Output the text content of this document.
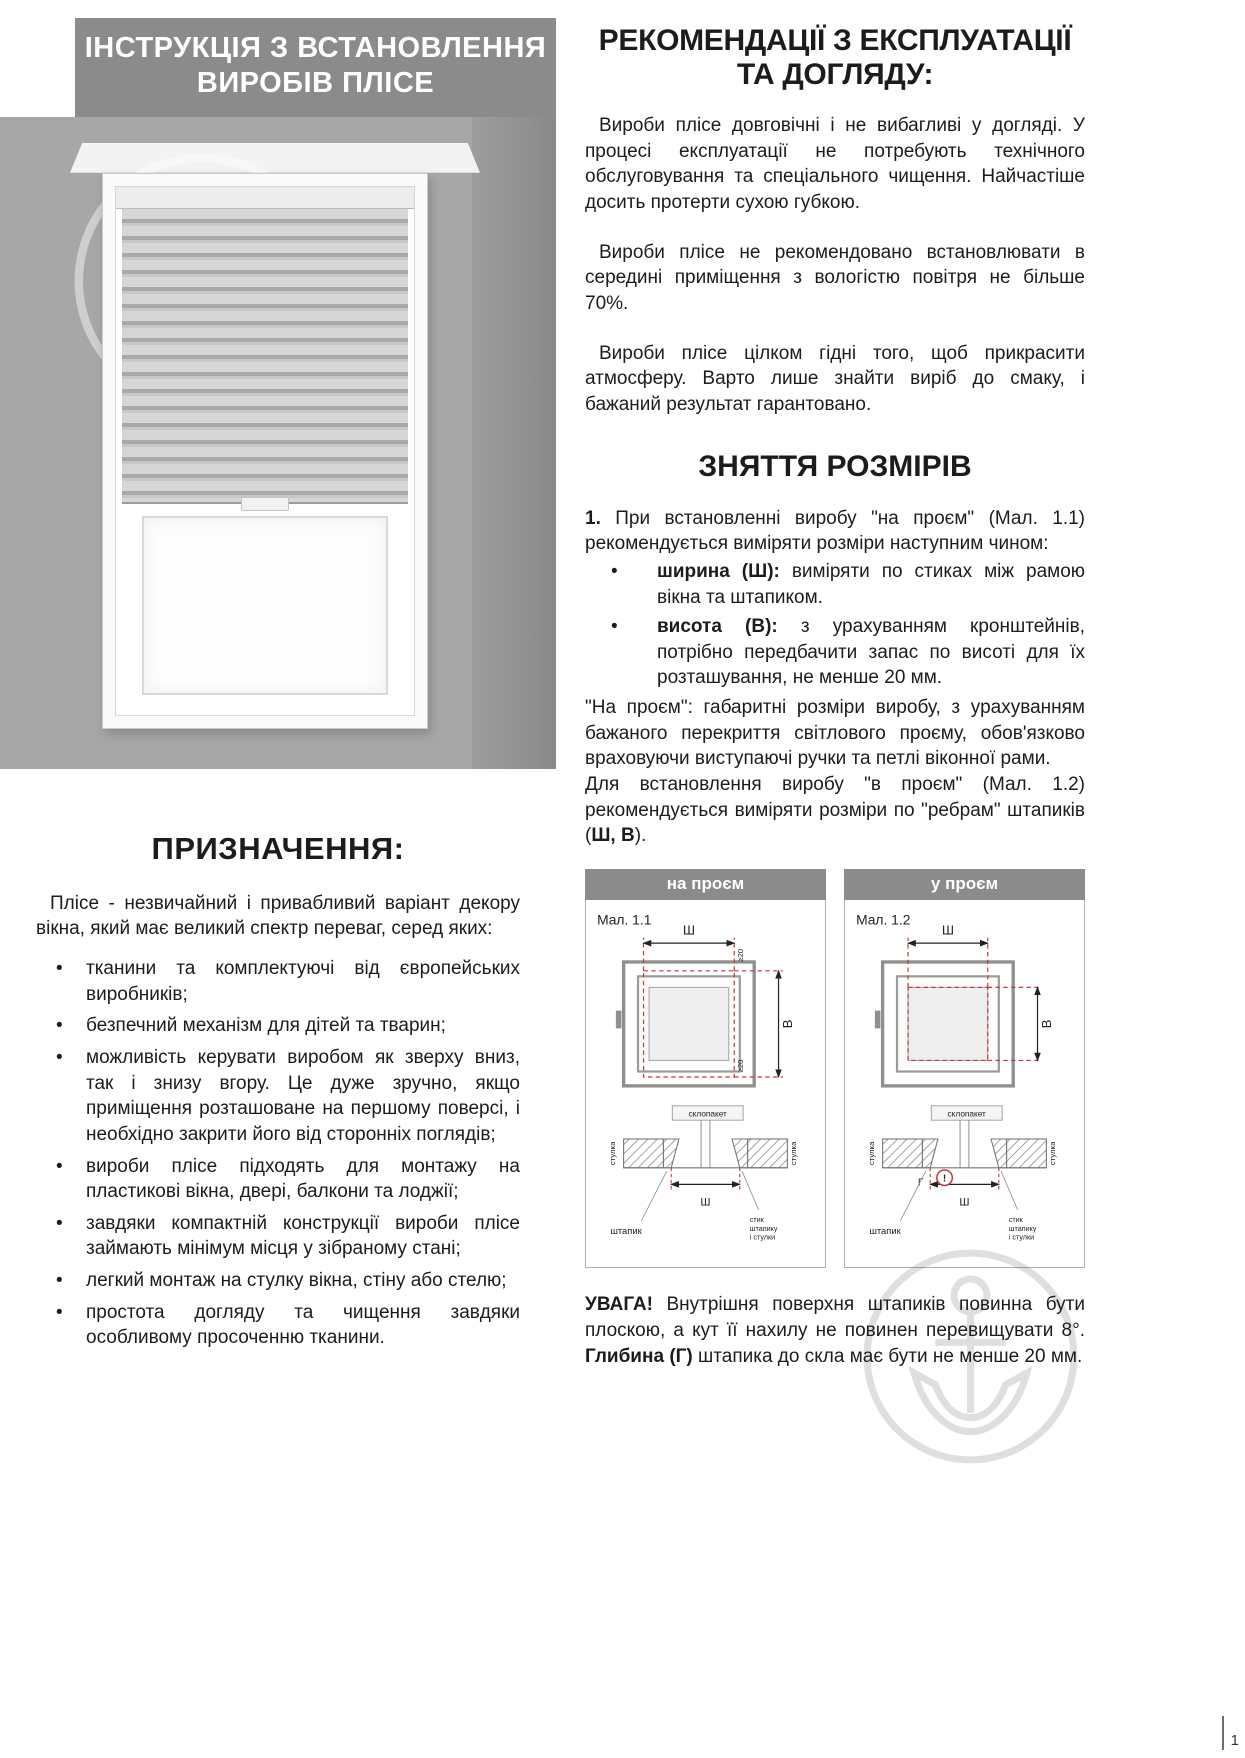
ІНСТРУКЦІЯ З ВСТАНОВЛЕННЯ
ВИРОБІВ ПЛІСЕ
ПРИЗНАЧЕННЯ:

Плісе - незвичайний і привабливий варіант декору вікна, який має великий спектр переваг, серед яких:

• тканини та комплектуючі від європейських виробників;
• безпечний механізм для дітей та тварин;
• можливість керувати виробом як зверху вниз, так і знизу вгору. Це дуже зручно, якщо приміщення розташоване на першому поверсі, і необхідно закрити його від сторонніх поглядів;
• вироби плісе підходять для монтажу на пластикові вікна, двері, балкони та лоджії;
• завдяки компактній конструкції вироби плісе займають мінімум місця у зібраному стані;
• легкий монтаж на стулку вікна, стіну або стелю;
• простота догляду та чищення завдяки особливому просоченню тканини.
РЕКОМЕНДАЦІЇ З ЕКСПЛУАТАЦІЇ
ТА ДОГЛЯДУ:

Вироби плісе довговічні і не вибагливі у догляді. У процесі експлуатації не потребують технічного обслуговування та спеціального чищення. Найчастіше досить протерти сухою губкою.

Вироби плісе не рекомендовано встановлювати в середині приміщення з вологістю повітря не більше 70%.

Вироби плісе цілком гідні того, щоб прикрасити атмосферу. Варто лише знайти виріб до смаку, і бажаний результат гарантовано.

ЗНЯТТЯ РОЗМІРІВ

1. При встановленні виробу "на проєм" (Мал. 1.1) рекомендується виміряти розміри наступним чином:

• ширина (Ш): виміряти по стиках між рамою вікна та штапиком.
• висота (В): з урахуванням кронштейнів, потрібно передбачити запас по висоті для їх розташування, не менше 20 мм.

"На проєм": габаритні розміри виробу, з урахуванням бажаного перекриття світлового проєму, обов'язково враховуючи виступаючі ручки та петлі віконної рами.

Для встановлення виробу "в проєм" (Мал. 1.2) рекомендується виміряти розміри по "ребрам" штапиків (Ш, В).

на проєм
Мал. 1.1
Ш
В
≥20
≥20
склопакет
Ш
стулка	стулка
штапик
стик
штапику
і стулки
у проєм
Мал. 1.2
Ш
В
склопакет
Ш
Г !
стулка	стулка
штапик
стик
штапику
і стулки

УВАГА! Внутрішня поверхня штапиків повинна бути плоскою, а кут її нахилу не повинен перевищувати 8°. Глибина (Г) штапика до скла має бути не менше 20 мм.

1
